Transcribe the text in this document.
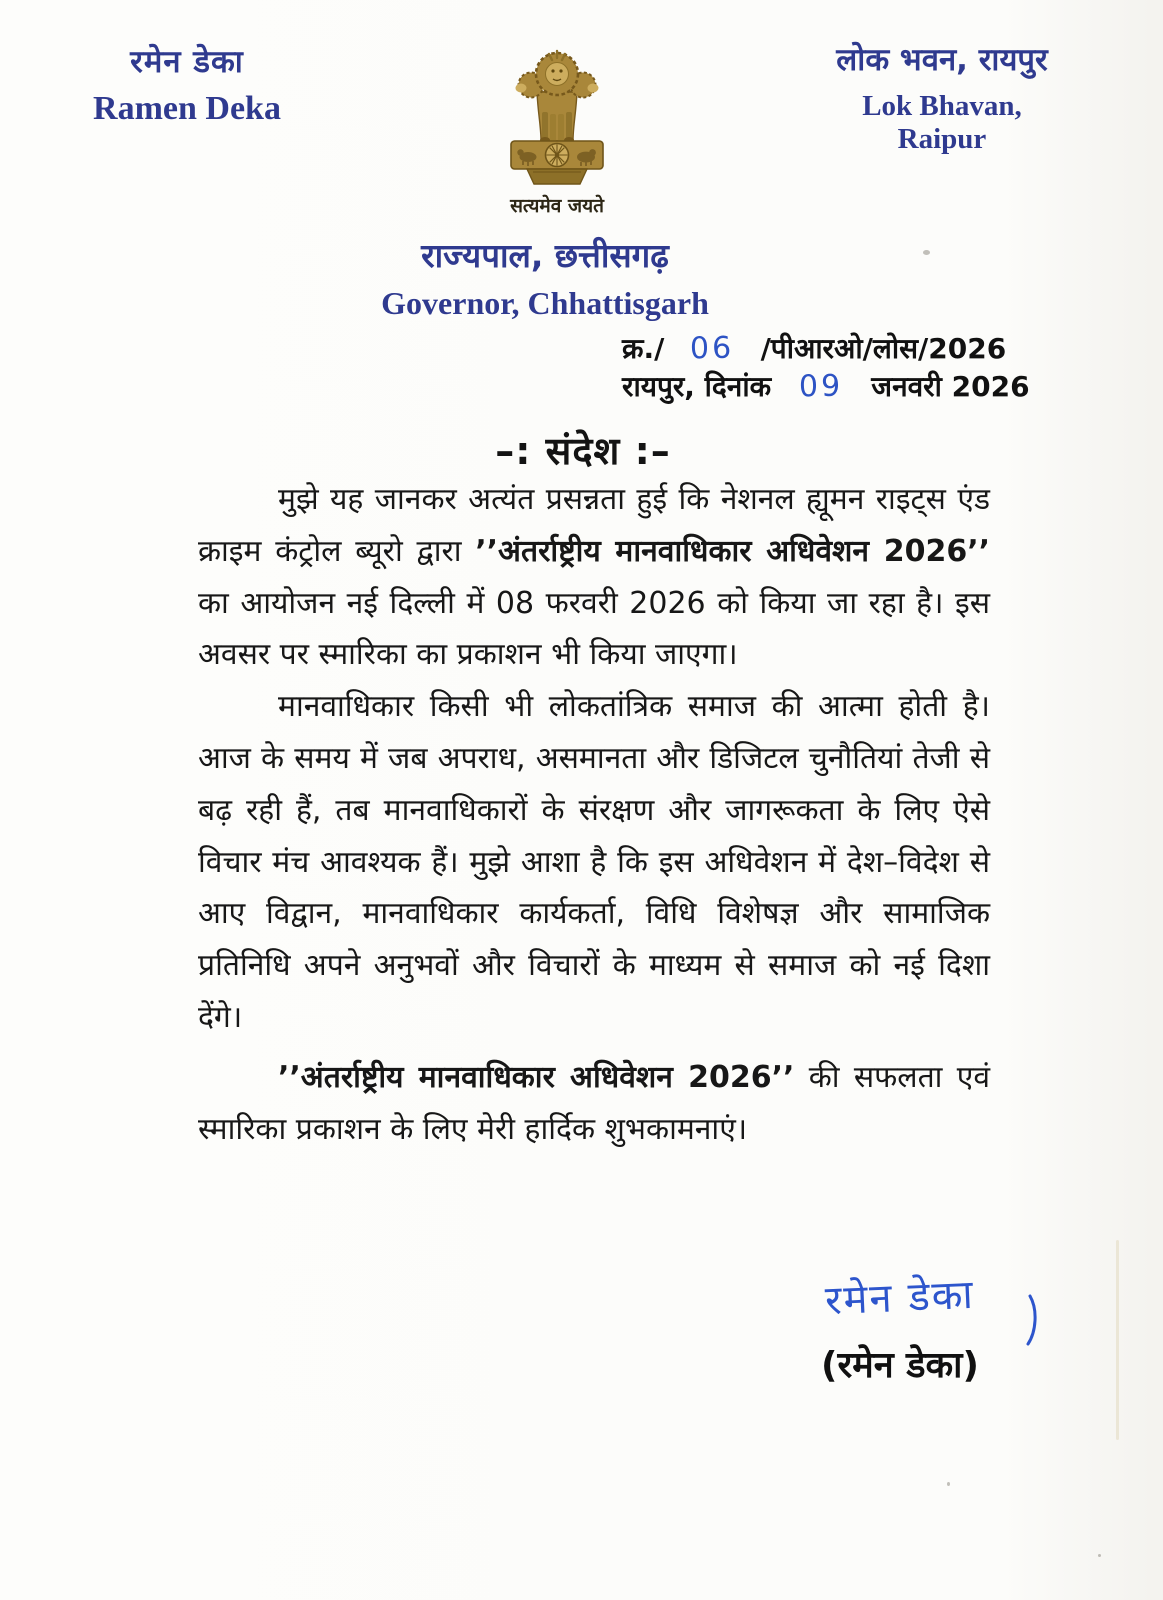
रमेन डेका
Ramen Deka
सत्यमेव जयते
लोक भवन, रायपुर
Lok Bhavan, Raipur
राज्यपाल, छत्तीसगढ़
Governor, Chhattisgarh
क्र./ 06 /पीआरओ/लोस/2026
रायपुर, दिनांक 09 जनवरी 2026
–: संदेश :–

मुझे यह जानकर अत्यंत प्रसन्नता हुई कि नेशनल ह्यूमन राइट्स एंड क्राइम कंट्रोल ब्यूरो द्वारा ’’अंतर्राष्ट्रीय मानवाधिकार अधिवेशन 2026’’ का आयोजन नई दिल्ली में 08 फरवरी 2026 को किया जा रहा है। इस अवसर पर स्मारिका का प्रकाशन भी किया जाएगा।

मानवाधिकार किसी भी लोकतांत्रिक समाज की आत्मा होती है। आज के समय में जब अपराध, असमानता और डिजिटल चुनौतियां तेजी से बढ़ रही हैं, तब मानवाधिकारों के संरक्षण और जागरूकता के लिए ऐसे विचार मंच आवश्यक हैं। मुझे आशा है कि इस अधिवेशन में देश–विदेश से आए विद्वान, मानवाधिकार कार्यकर्ता, विधि विशेषज्ञ और सामाजिक प्रतिनिधि अपने अनुभवों और विचारों के माध्यम से समाज को नई दिशा देंगे।

’’अंतर्राष्ट्रीय मानवाधिकार अधिवेशन 2026’’ की सफलता एवं स्मारिका प्रकाशन के लिए मेरी हार्दिक शुभकामनाएं।

रमेन डेका
(रमेन डेका)
